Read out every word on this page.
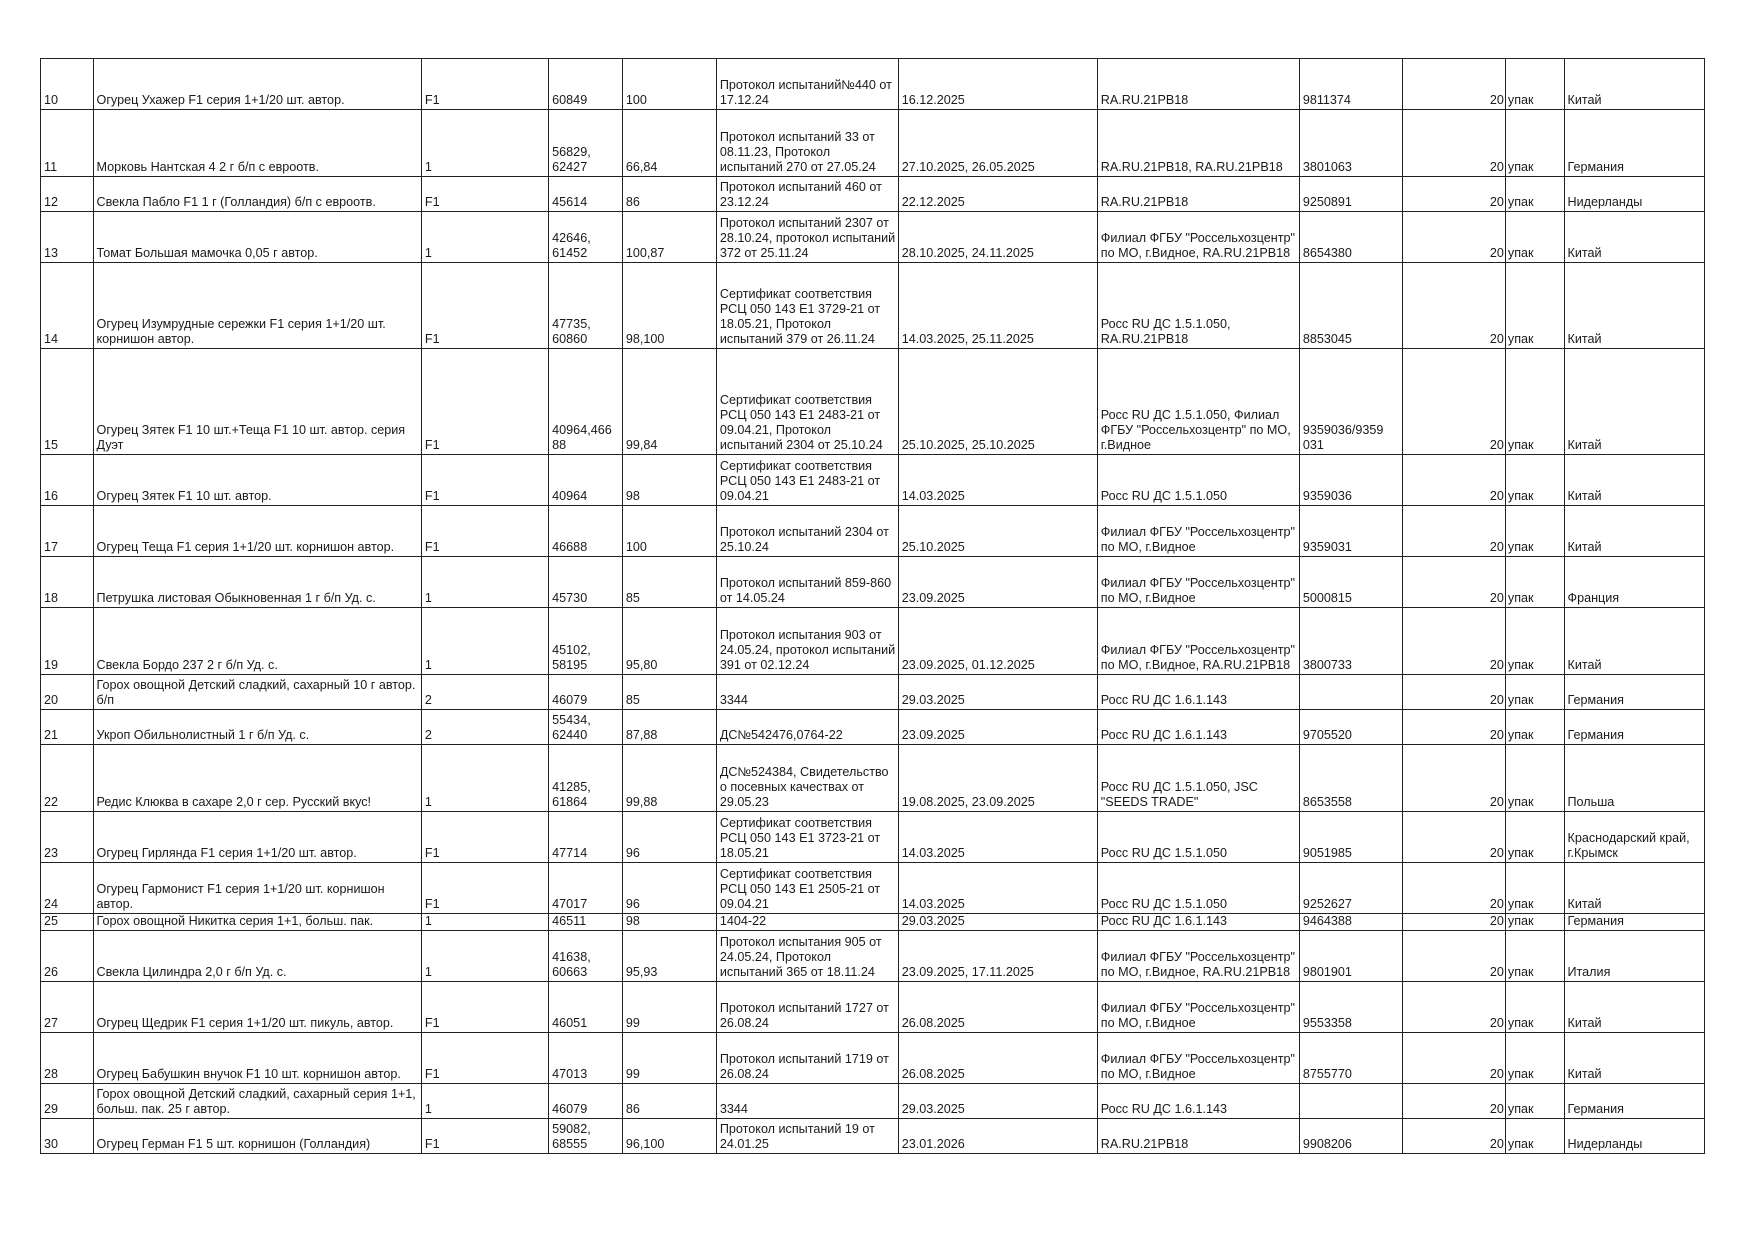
10	Огурец Ухажер F1 серия 1+1/20 шт. автор.	F1	60849	100	Протокол испытаний№440 от 17.12.24	16.12.2025	RA.RU.21PB18	9811374	20	упак	Китай
11	Морковь Нантская 4 2 г б/п с евроотв.	1	56829, 62427	66,84	Протокол испытаний 33 от 08.11.23, Протокол испытаний 270 от 27.05.24	27.10.2025, 26.05.2025	RA.RU.21PB18, RA.RU.21PB18	3801063	20	упак	Германия
12	Свекла Пабло F1 1 г (Голландия) б/п с евроотв.	F1	45614	86	Протокол испытаний 460 от 23.12.24	22.12.2025	RA.RU.21PB18	9250891	20	упак	Нидерланды
13	Томат Большая мамочка 0,05 г автор.	1	42646, 61452	100,87	Протокол испытаний 2307 от 28.10.24, протокол испытаний 372 от 25.11.24	28.10.2025, 24.11.2025	Филиал ФГБУ "Россельхозцентр" по МО, г.Видное, RA.RU.21PB18	8654380	20	упак	Китай
14	Огурец Изумрудные сережки F1 серия 1+1/20 шт. корнишон автор.	F1	47735, 60860	98,100	Сертификат соответствия РСЦ 050 143 Е1 3729-21 от 18.05.21, Протокол испытаний 379 от 26.11.24	14.03.2025, 25.11.2025	Росс RU ДС 1.5.1.050, RA.RU.21PB18	8853045	20	упак	Китай
15	Огурец Зятек F1 10 шт.+Теща F1 10 шт. автор. серия Дуэт	F1	40964,466 88	99,84	Сертификат соответствия РСЦ 050 143 Е1 2483-21 от 09.04.21, Протокол испытаний 2304 от 25.10.24	25.10.2025, 25.10.2025	Росс RU ДС 1.5.1.050, Филиал ФГБУ "Россельхозцентр" по МО, г.Видное	9359036/9359 031	20	упак	Китай
16	Огурец Зятек F1 10 шт. автор.	F1	40964	98	Сертификат соответствия РСЦ 050 143 Е1 2483-21 от 09.04.21	14.03.2025	Росс RU ДС 1.5.1.050	9359036	20	упак	Китай
17	Огурец Теща F1 серия 1+1/20 шт. корнишон автор.	F1	46688	100	Протокол испытаний 2304 от 25.10.24	25.10.2025	Филиал ФГБУ "Россельхозцентр" по МО, г.Видное	9359031	20	упак	Китай
18	Петрушка листовая Обыкновенная 1 г б/п Уд. с.	1	45730	85	Протокол испытаний 859-860 от 14.05.24	23.09.2025	Филиал ФГБУ "Россельхозцентр" по МО, г.Видное	5000815	20	упак	Франция
19	Свекла Бордо 237 2 г б/п Уд. с.	1	45102, 58195	95,80	Протокол испытания 903 от 24.05.24, протокол испытаний 391 от 02.12.24	23.09.2025, 01.12.2025	Филиал ФГБУ "Россельхозцентр" по МО, г.Видное, RA.RU.21PB18	3800733	20	упак	Китай
20	Горох овощной Детский сладкий, сахарный 10 г автор. б/п	2	46079	85	3344	29.03.2025	Росс RU ДС 1.6.1.143		20	упак	Германия
21	Укроп Обильнолистный 1 г б/п Уд. с.	2	55434, 62440	87,88	ДС№542476,0764-22	23.09.2025	Росс RU ДС 1.6.1.143	9705520	20	упак	Германия
22	Редис Клюква в сахаре 2,0 г сер. Русский вкус!	1	41285, 61864	99,88	ДС№524384, Свидетельство о посевных качествах от 29.05.23	19.08.2025, 23.09.2025	Росс RU ДС 1.5.1.050, JSC "SEEDS TRADE"	8653558	20	упак	Польша
23	Огурец Гирлянда F1 серия 1+1/20 шт. автор.	F1	47714	96	Сертификат соответствия РСЦ 050 143 Е1 3723-21 от 18.05.21	14.03.2025	Росс RU ДС 1.5.1.050	9051985	20	упак	Краснодарский край, г.Крымск
24	Огурец Гармонист F1 серия 1+1/20 шт. корнишон автор.	F1	47017	96	Сертификат соответствия РСЦ 050 143 Е1 2505-21 от 09.04.21	14.03.2025	Росс RU ДС 1.5.1.050	9252627	20	упак	Китай
25	Горох овощной Никитка серия 1+1, больш. пак.	1	46511	98	1404-22	29.03.2025	Росс RU ДС 1.6.1.143	9464388	20	упак	Германия
26	Свекла Цилиндра 2,0 г б/п Уд. с.	1	41638, 60663	95,93	Протокол испытания 905 от 24.05.24, Протокол испытаний 365 от 18.11.24	23.09.2025, 17.11.2025	Филиал ФГБУ "Россельхозцентр" по МО, г.Видное, RA.RU.21PB18	9801901	20	упак	Италия
27	Огурец Щедрик F1 серия 1+1/20 шт. пикуль, автор.	F1	46051	99	Протокол испытаний 1727 от 26.08.24	26.08.2025	Филиал ФГБУ "Россельхозцентр" по МО, г.Видное	9553358	20	упак	Китай
28	Огурец Бабушкин внучок F1 10 шт. корнишон автор.	F1	47013	99	Протокол испытаний 1719 от 26.08.24	26.08.2025	Филиал ФГБУ "Россельхозцентр" по МО, г.Видное	8755770	20	упак	Китай
29	Горох овощной Детский сладкий, сахарный серия 1+1, больш. пак. 25 г автор.	1	46079	86	3344	29.03.2025	Росс RU ДС 1.6.1.143		20	упак	Германия
30	Огурец Герман F1 5 шт. корнишон (Голландия)	F1	59082, 68555	96,100	Протокол испытаний 19 от 24.01.25	23.01.2026	RA.RU.21PB18	9908206	20	упак	Нидерланды
